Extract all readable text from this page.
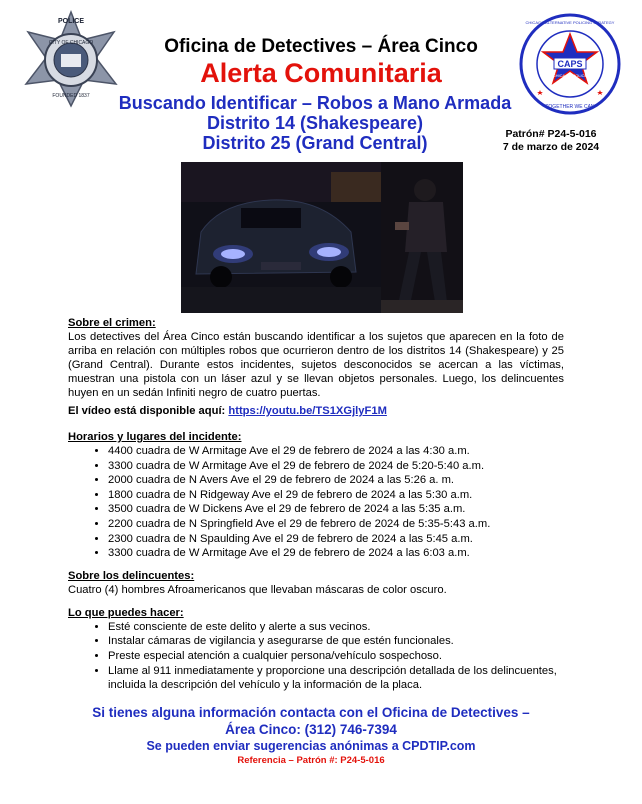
POLICE
CITY OF CHICAGO
FOUNDED 1837
CAPS
CHICAGO POLICE
CHICAGO ALTERNATIVE POLICING STRATEGY
TOGETHER WE CAN
Oficina de Detectives – Área Cinco
Alerta Comunitaria
Buscando Identificar – Robos a Mano Armada
Distrito 14 (Shakespeare)
Distrito 25 (Grand Central)	Patrón# P24-5-016
7 de marzo de 2024
Sobre el crimen:
Los detectives del Área Cinco están buscando identificar a los sujetos que aparecen en la foto de arriba en relación con múltiples robos que ocurrieron dentro de los distritos 14 (Shakespeare) y 25 (Grand Central). Durante estos incidentes, sujetos desconocidos se acercan a las víctimas, muestran una pistola con un láser azul y se llevan objetos personales. Luego, los delincuentes huyen en un sedán Infiniti negro de cuatro puertas.
El vídeo está disponible aquí: https://youtu.be/TS1XGjlyF1M
Horarios y lugares del incidente:
• 4400 cuadra de W Armitage Ave el 29 de febrero de 2024 a las 4:30 a.m.
• 3300 cuadra de W Armitage Ave el 29 de febrero de 2024 de 5:20-5:40 a.m.
• 2000 cuadra de N Avers Ave el 29 de febrero de 2024 a las 5:26 a. m.
• 1800 cuadra de N Ridgeway Ave el 29 de febrero de 2024 a las 5:30 a.m.
• 3500 cuadra de W Dickens Ave el 29 de febrero de 2024 a las 5:35 a.m.
• 2200 cuadra de N Springfield Ave el 29 de febrero de 2024 de 5:35-5:43 a.m.
• 2300 cuadra de N Spaulding Ave el 29 de febrero de 2024 a las 5:45 a.m.
• 3300 cuadra de W Armitage Ave el 29 de febrero de 2024 a las 6:03 a.m.
Sobre los delincuentes:
Cuatro (4) hombres Afroamericanos que llevaban máscaras de color oscuro.
Lo que puedes hacer:
• Esté consciente de este delito y alerte a sus vecinos.
• Instalar cámaras de vigilancia y asegurarse de que estén funcionales.
• Preste especial atención a cualquier persona/vehículo sospechoso.
• Llame al 911 inmediatamente y proporcione una descripción detallada de los delincuentes, incluida la descripción del vehículo y la información de la placa.
Si tienes alguna información contacta con el Oficina de Detectives –
Área Cinco: (312) 746-7394
Se pueden enviar sugerencias anónimas a CPDTIP.com
Referencia – Patrón #: P24-5-016
